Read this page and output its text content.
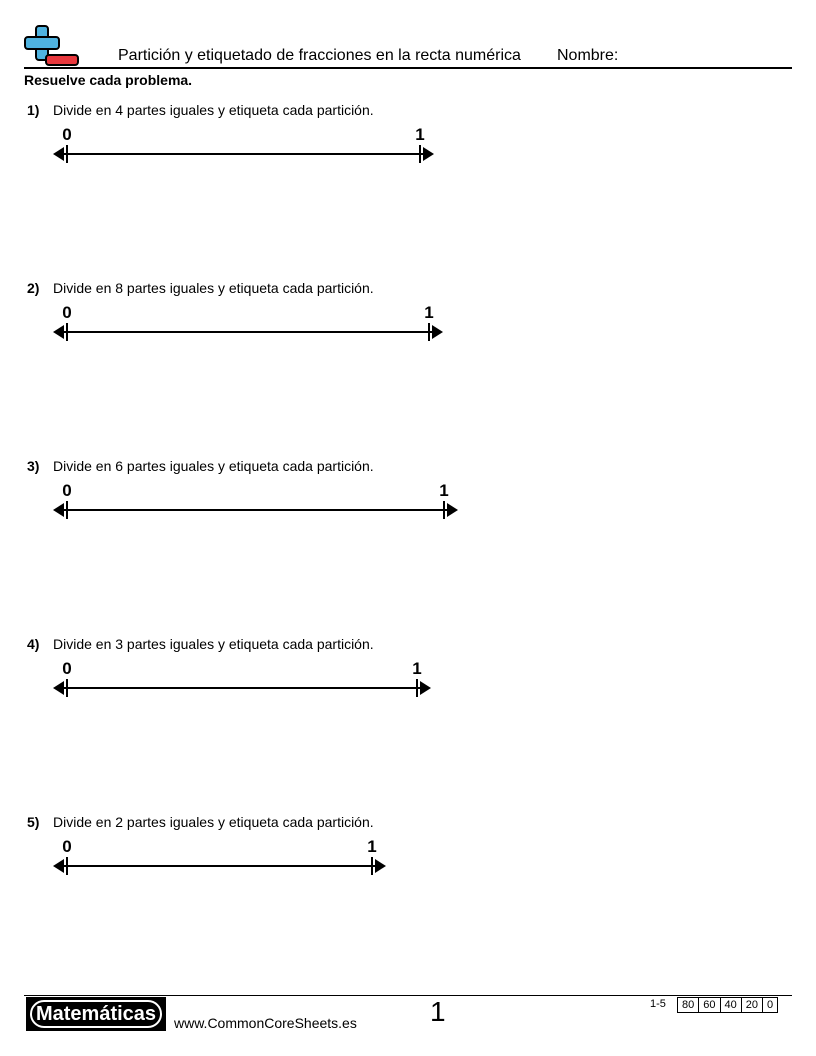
Partición y etiquetado de fracciones en la recta numérica Nombre:
Resuelve cada problema.
1) Divide en 4 partes iguales y etiqueta cada partición.
0	1
2) Divide en 8 partes iguales y etiqueta cada partición.
0	1
3) Divide en 6 partes iguales y etiqueta cada partición.
0	1
4) Divide en 3 partes iguales y etiqueta cada partición.
0	1
5) Divide en 2 partes iguales y etiqueta cada partición.
0	1
Matemáticas	www.CommonCoreSheets.es	1	1-5 80	60	40	20	0
